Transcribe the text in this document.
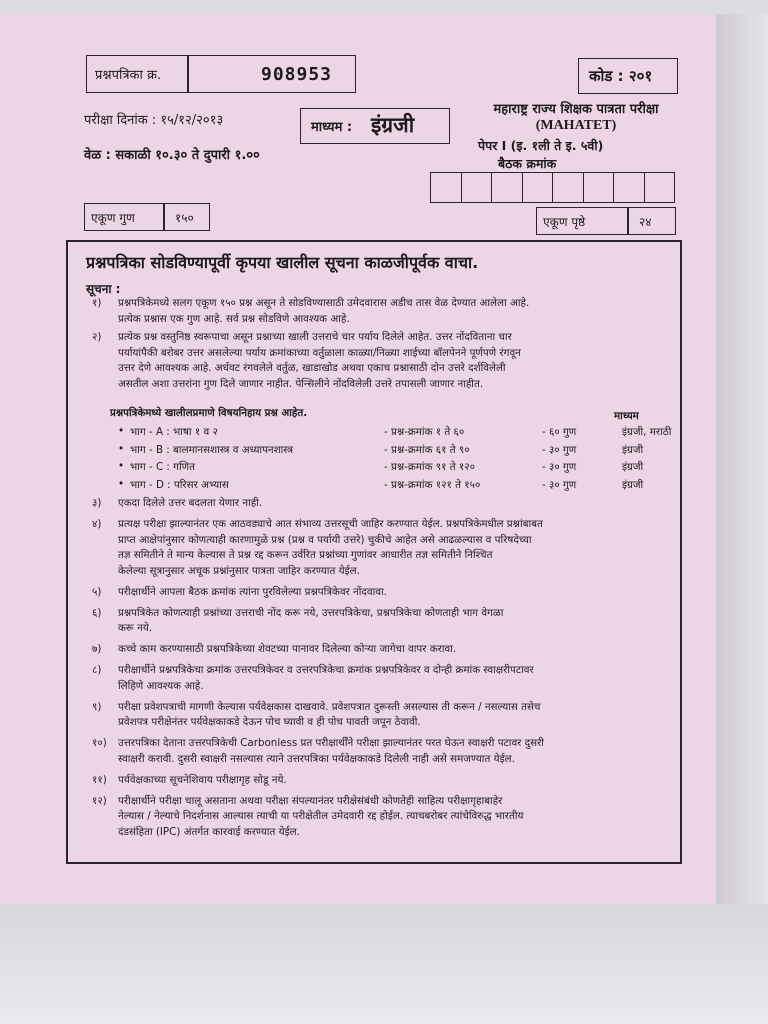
प्रश्नपत्रिका क्र.	908953	कोड : २०१
परीक्षा दिनांक : १५/१२/२०१३	माध्यम : इंग्रजी
वेळ : सकाळी १०.३० ते दुपारी १.००
महाराष्ट्र राज्य शिक्षक पात्रता परीक्षा
(MAHATET)
पेपर I (इ. १ली ते इ. ५वी)
बैठक क्रमांक
एकूण गुण	१५०	एकूण पृष्ठे	२४
प्रश्नपत्रिका सोडविण्यापूर्वी कृपया खालील सूचना काळजीपूर्वक वाचा.
सूचना :
१) प्रश्नपत्रिकेमध्ये सलग एकूण १५० प्रश्न असून ते सोडविण्यासाठी उमेदवारास अडीच तास वेळ देण्यात आलेला आहे.
प्रत्येक प्रश्नास एक गुण आहे. सर्व प्रश्न सोडविणे आवश्यक आहे.
२) प्रत्येक प्रश्न वस्तुनिष्ठ स्वरूपाचा असून प्रश्नाच्या खाली उत्तराचे चार पर्याय दिलेले आहेत. उत्तर नोंदविताना चार
पर्यायांपैकी बरोबर उत्तर असलेल्या पर्याय क्रमांकाच्या वर्तुळाला काळ्या/निळ्या शाईच्या बॉलपेनने पूर्णपणे रंगवून
उत्तर देणे आवश्यक आहे. अर्धवट रंगवलेले वर्तुळ, खाडाखोड अथवा एकाच प्रश्नासाठी दोन उत्तरे दर्शविलेली
असतील अशा उत्तरांना गुण दिले जाणार नाहीत. पेन्सिलीने नोंदविलेली उत्तरे तपासली जाणार नाहीत.
प्रश्नपत्रिकेमध्ये खालीलप्रमाणे विषयनिहाय प्रश्न आहेत.	माध्यम
• भाग - A : भाषा १ व २	- प्रश्न-क्रमांक १ ते ६०	- ६० गुण	इंग्रजी, मराठी
• भाग - B : बालमानसशास्त्र व अध्यापनशास्त्र	- प्रश्न-क्रमांक ६१ ते ९०	- ३० गुण	इंग्रजी
• भाग - C : गणित	- प्रश्न-क्रमांक ९१ ते १२०	- ३० गुण	इंग्रजी
• भाग - D : परिसर अभ्यास	- प्रश्न-क्रमांक १२१ ते १५०	- ३० गुण	इंग्रजी
३) एकदा दिलेले उत्तर बदलता येणार नाही.
४) प्रत्यक्ष परीक्षा झाल्यानंतर एक आठवड्याचे आत संभाव्य उत्तरसूची जाहिर करण्यात येईल. प्रश्नपत्रिकेमधील प्रश्नांबाबत
प्राप्त आक्षेपांनुसार कोणत्याही कारणामुळे प्रश्न (प्रश्न व पर्यायी उत्तरे) चुकीचे आहेत असे आढळल्यास व परिषदेच्या
तज्ञ समितीने ते मान्य केल्यास ते प्रश्न रद्द करून उर्वरित प्रश्नांच्या गुणांवर आधारीत तज्ञ समितीने निश्चित
केलेल्या सूत्रानुसार अचूक प्रश्नांनुसार पात्रता जाहिर करण्यात येईल.
५) परीक्षार्थीने आपला बैठक क्रमांक त्यांना पुरविलेल्या प्रश्नपत्रिकेवर नोंदवावा.
६) प्रश्नपत्रिकेत कोणत्याही प्रश्नांच्या उत्तराची नोंद करू नये, उत्तरपत्रिकेचा, प्रश्नपत्रिकेचा कोणताही भाग वेगळा
करू नये.
७) कच्चे काम करण्यासाठी प्रश्नपत्रिकेच्या शेवटच्या पानावर दिलेल्या कोऱ्या जागेचा वापर करावा.
८) परीक्षार्थीने प्रश्नपत्रिकेचा क्रमांक उत्तरपत्रिकेवर व उत्तरपत्रिकेचा क्रमांक प्रश्नपत्रिकेवर व दोन्ही क्रमांक स्वाक्षरीपटावर
लिहिणे आवश्यक आहे.
९) परीक्षा प्रवेशपत्राची मागणी केल्यास पर्यवेक्षकास दाखवावे. प्रवेशपत्रात दुरूस्ती असल्यास ती करून / नसल्यास तसेच
प्रवेशपत्र परीक्षेनंतर पर्यवेक्षकाकडे देऊन पोच घ्यावी व ही पोच पावती जपून ठेवावी.
१०) उत्तरपत्रिका देताना उत्तरपत्रिकेची Carbonless प्रत परीक्षार्थींने परीक्षा झाल्यानंतर परत घेऊन स्वाक्षरी पटावर दुसरी
स्वाक्षरी करावी. दुसरी स्वाक्षरी नसल्यास त्याने उत्तरपत्रिका पर्यवेक्षकाकडे दिलेली नाही असे समजण्यात येईल.
११) पर्यवेक्षकाच्या सूचनेशिवाय परीक्षागृह सोडू नये.
१२) परीक्षार्थीने परीक्षा चालू असताना अथवा परीक्षा संपल्यानंतर परीक्षेसंबंधी कोणतेही साहित्य परीक्षागृहाबाहेर
नेल्यास / नेल्याचे निदर्शनास आल्यास त्याची या परीक्षेतील उमेदवारी रद्द होईल. त्याचबरोबर त्यांचेविरुद्ध भारतीय
दंडसंहिता (IPC) अंतर्गत कारवाई करण्यात येईल.
